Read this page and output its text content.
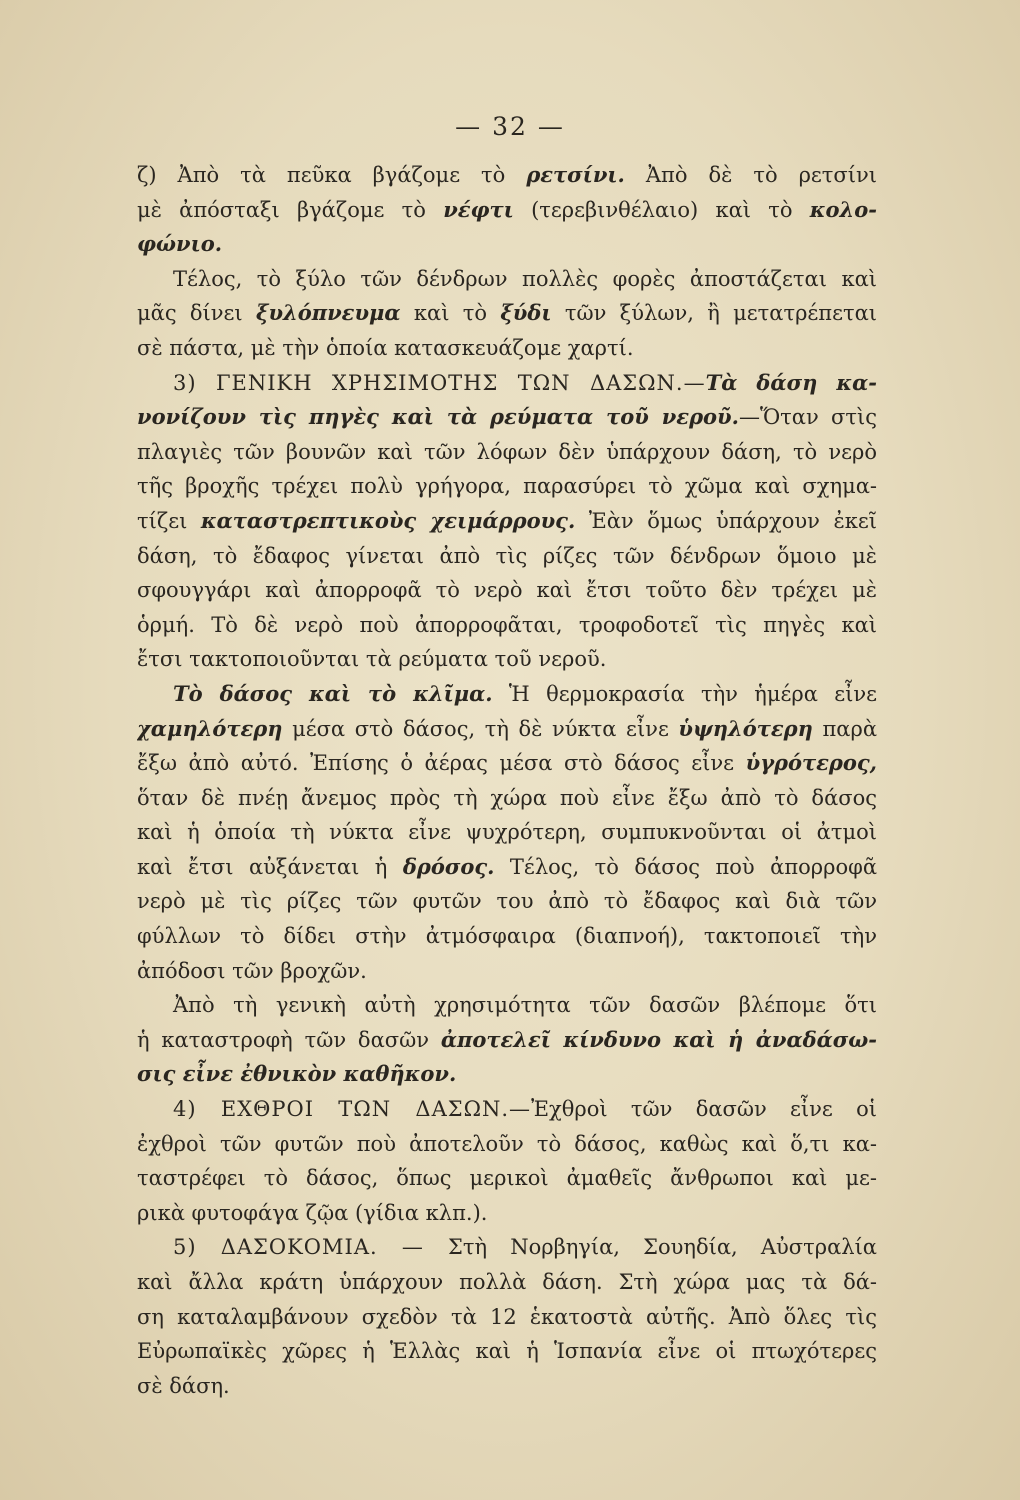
— 32 —
ζ) Ἀπὸ τὰ πεῦκα βγάζομε τὸ ρετσίνι. Ἀπὸ δὲ τὸ ρετσίνι
μὲ ἀπόσταξι βγάζομε τὸ νέφτι (τερεβινθέλαιο) καὶ τὸ κολο-
φώνιο.
Τέλος, τὸ ξύλο τῶν δένδρων πολλὲς φορὲς ἀποστάζεται καὶ
μᾶς δίνει ξυλόπνευμα καὶ τὸ ξύδι τῶν ξύλων, ἢ μετατρέπεται
σὲ πάστα, μὲ τὴν ὁποία κατασκευάζομε χαρτί.
3) ΓΕΝΙΚΗ ΧΡΗΣΙΜΟΤΗΣ ΤΩΝ ΔΑΣΩΝ.—Τὰ δάση κα-
νονίζουν τὶς πηγὲς καὶ τὰ ρεύματα τοῦ νεροῦ.—Ὅταν στὶς
πλαγιὲς τῶν βουνῶν καὶ τῶν λόφων δὲν ὑπάρχουν δάση, τὸ νερὸ
τῆς βροχῆς τρέχει πολὺ γρήγορα, παρασύρει τὸ χῶμα καὶ σχημα-
τίζει καταστρεπτικοὺς χειμάρρους. Ἐὰν ὅμως ὑπάρχουν ἐκεῖ
δάση, τὸ ἔδαφος γίνεται ἀπὸ τὶς ρίζες τῶν δένδρων ὅμοιο μὲ
σφουγγάρι καὶ ἀπορροφᾶ τὸ νερὸ καὶ ἔτσι τοῦτο δὲν τρέχει μὲ
ὁρμή. Τὸ δὲ νερὸ ποὺ ἀπορροφᾶται, τροφοδοτεῖ τὶς πηγὲς καὶ
ἔτσι τακτοποιοῦνται τὰ ρεύματα τοῦ νεροῦ.
Τὸ δάσος καὶ τὸ κλῖμα. Ἡ θερμοκρασία τὴν ἡμέρα εἶνε
χαμηλότερη μέσα στὸ δάσος, τὴ δὲ νύκτα εἶνε ὑψηλότερη παρὰ
ἔξω ἀπὸ αὐτό. Ἐπίσης ὁ ἀέρας μέσα στὸ δάσος εἶνε ὑγρότερος,
ὅταν δὲ πνέῃ ἄνεμος πρὸς τὴ χώρα ποὺ εἶνε ἔξω ἀπὸ τὸ δάσος
καὶ ἡ ὁποία τὴ νύκτα εἶνε ψυχρότερη, συμπυκνοῦνται οἱ ἀτμοὶ
καὶ ἔτσι αὐξάνεται ἡ δρόσος. Τέλος, τὸ δάσος ποὺ ἀπορροφᾶ
νερὸ μὲ τὶς ρίζες τῶν φυτῶν του ἀπὸ τὸ ἔδαφος καὶ διὰ τῶν
φύλλων τὸ δίδει στὴν ἀτμόσφαιρα (διαπνοή), τακτοποιεῖ τὴν
ἀπόδοσι τῶν βροχῶν.
Ἀπὸ τὴ γενικὴ αὐτὴ χρησιμότητα τῶν δασῶν βλέπομε ὅτι
ἡ καταστροφὴ τῶν δασῶν ἀποτελεῖ κίνδυνο καὶ ἡ ἀναδάσω-
σις εἶνε ἐθνικὸν καθῆκον.
4) ΕΧΘΡΟΙ ΤΩΝ ΔΑΣΩΝ.—Ἐχθροὶ τῶν δασῶν εἶνε οἱ
ἐχθροὶ τῶν φυτῶν ποὺ ἀποτελοῦν τὸ δάσος, καθὼς καὶ ὅ,τι κα-
ταστρέφει τὸ δάσος, ὅπως μερικοὶ ἀμαθεῖς ἄνθρωποι καὶ με-
ρικὰ φυτοφάγα ζῷα (γίδια κλπ.).
5) ΔΑΣΟΚΟΜΙΑ. — Στὴ Νορβηγία, Σουηδία, Αὐστραλία
καὶ ἄλλα κράτη ὑπάρχουν πολλὰ δάση. Στὴ χώρα μας τὰ δά-
ση καταλαμβάνουν σχεδὸν τὰ 12 ἑκατοστὰ αὐτῆς. Ἀπὸ ὅλες τὶς
Εὐρωπαϊκὲς χῶρες ἡ Ἑλλὰς καὶ ἡ Ἱσπανία εἶνε οἱ πτωχότερες
σὲ δάση.
